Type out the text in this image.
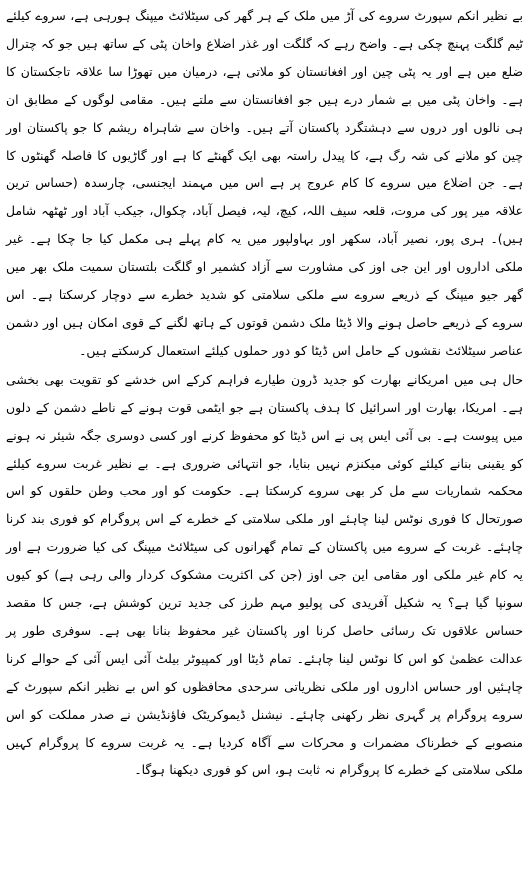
بے نظیر انکم سپورٹ سروے کی آڑ میں ملک کے ہر گھر کی سیٹلائٹ میپنگ ہورہی ہے، سروے کیلئے ٹیم گلگت پہنچ چکی ہے۔ واضح رہے کہ گلگت اور غذر اضلاع واخان پٹی کے ساتھ ہیں جو کہ چترال ضلع میں ہے اور یہ پٹی چین اور افغانستان کو ملاتی ہے، درمیان میں تھوڑا سا علاقہ تاجکستان کا ہے۔ واخان پٹی میں بے شمار درے ہیں جو افغانستان سے ملتے ہیں۔ مقامی لوگوں کے مطابق ان ہی نالوں اور دروں سے دہشتگرد پاکستان آتے ہیں۔ واخان سے شاہراہ ریشم کا جو پاکستان اور چین کو ملانے کی شہ رگ ہے، کا پیدل راستہ بھی ایک گھنٹے کا ہے اور گاڑیوں کا فاصلہ گھنٹوں کا ہے۔ جن اضلاع میں سروے کا کام عروج پر ہے اس میں مہمند ایجنسی، چارسدہ (حساس ترین علاقہ میر پور کی مروت، قلعہ سیف اللہ، کیچ، لیہ، فیصل آباد، چکوال، جیکب آباد اور ٹھٹھہ شامل ہیں)۔ ہری پور، نصیر آباد، سکھر اور بہاولپور میں یہ کام پہلے ہی مکمل کیا جا چکا ہے۔ غیر ملکی اداروں اور این جی اوز کی مشاورت سے آزاد کشمیر او گلگت بلتستان سمیت ملک بھر میں گھر جیو میپنگ کے ذریعے سروے سے ملکی سلامتی کو شدید خطرے سے دوچار کرسکتا ہے۔ اس سروے کے ذریعے حاصل ہونے والا ڈیٹا ملک دشمن قوتوں کے ہاتھ لگنے کے قوی امکان ہیں اور دشمن عناصر سیٹلائٹ نقشوں کے حامل اس ڈیٹا کو دور حملوں کیلئے استعمال کرسکتے ہیں۔

حال ہی میں امریکانے بھارت کو جدید ڈرون طیارے فراہم کرکے اس خدشے کو تقویت بھی بخشی ہے۔ امریکا، بھارت اور اسرائیل کا ہدف پاکستان ہے جو ایٹمی قوت ہونے کے ناطے دشمن کے دلوں میں پیوست ہے۔ بی آئی ایس پی نے اس ڈیٹا کو محفوظ کرنے اور کسی دوسری جگہ شیئر نہ ہونے کو یقینی بنانے کیلئے کوئی میکنزم نہیں بنایا، جو انتہائی ضروری ہے۔ بے نظیر غربت سروے کیلئے محکمہ شماریات سے مل کر بھی سروے کرسکتا ہے۔ حکومت کو اور محب وطن حلقوں کو اس صورتحال کا فوری نوٹس لینا چاہئے اور ملکی سلامتی کے خطرے کے اس پروگرام کو فوری بند کرنا چاہئے۔ غربت کے سروے میں پاکستان کے تمام گھرانوں کی سیٹلائٹ میپنگ کی کیا ضرورت ہے اور یہ کام غیر ملکی اور مقامی این جی اوز (جن کی اکثریت مشکوک کردار والی رہی ہے) کو کیوں سونپا گیا ہے؟ یہ شکیل آفریدی کی پولیو مہم طرز کی جدید ترین کوشش ہے، جس کا مقصد حساس علاقوں تک رسائی حاصل کرنا اور پاکستان غیر محفوظ بنانا بھی ہے۔ سوفری طور پر عدالت عظمیٰ کو اس کا نوٹس لینا چاہئے۔ تمام ڈیٹا اور کمپیوٹر بیلٹ آئی ایس آئی کے حوالے کرنا چاہئیں اور حساس اداروں اور ملکی نظریاتی سرحدی محافظوں کو اس بے نظیر انکم سپورٹ کے سروے پروگرام پر گہری نظر رکھنی چاہئے۔ نیشنل ڈیموکریٹک فاؤنڈیشن نے صدر مملکت کو اس منصوبے کے خطرناک مضمرات و محرکات سے آگاہ کردیا ہے۔ یہ غربت سروے کا پروگرام کہیں ملکی سلامتی کے خطرے کا پروگرام نہ ثابت ہو، اس کو فوری دیکھنا ہوگا۔
